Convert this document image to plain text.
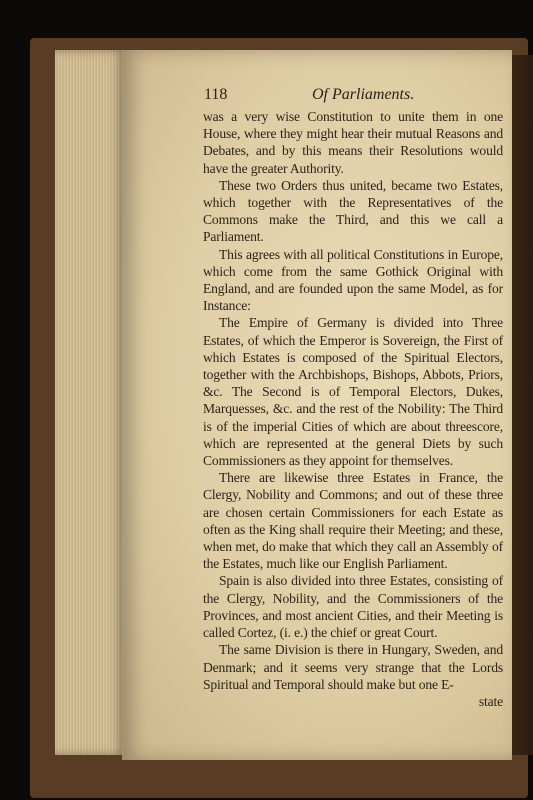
118	Of Parliaments.

was a very wise Constitution to unite them in one House, where they might hear their mutual Reasons and Debates, and by this means their Resolutions would have the greater Authority.

These two Orders thus united, became two Estates, which together with the Representatives of the Commons make the Third, and this we call a Parliament.

This agrees with all political Constitutions in Europe, which come from the same Gothick Original with England, and are founded upon the same Model, as for Instance:

The Empire of Germany is divided into Three Estates, of which the Emperor is Sovereign, the First of which Estates is composed of the Spiritual Electors, together with the Archbishops, Bishops, Abbots, Priors, &c. The Second is of Temporal Electors, Dukes, Marquesses, &c. and the rest of the Nobility: The Third is of the imperial Cities of which are about threescore, which are represented at the general Diets by such Commissioners as they appoint for themselves.

There are likewise three Estates in France, the Clergy, Nobility and Commons; and out of these three are chosen certain Commissioners for each Estate as often as the King shall require their Meeting; and these, when met, do make that which they call an Assembly of the Estates, much like our English Parliament.

Spain is also divided into three Estates, consisting of the Clergy, Nobility, and the Commissioners of the Provinces, and most ancient Cities, and their Meeting is called Cortez, (i. e.) the chief or great Court.

The same Division is there in Hungary, Sweden, and Denmark; and it seems very strange that the Lords Spiritual and Temporal should make but one E-

state
